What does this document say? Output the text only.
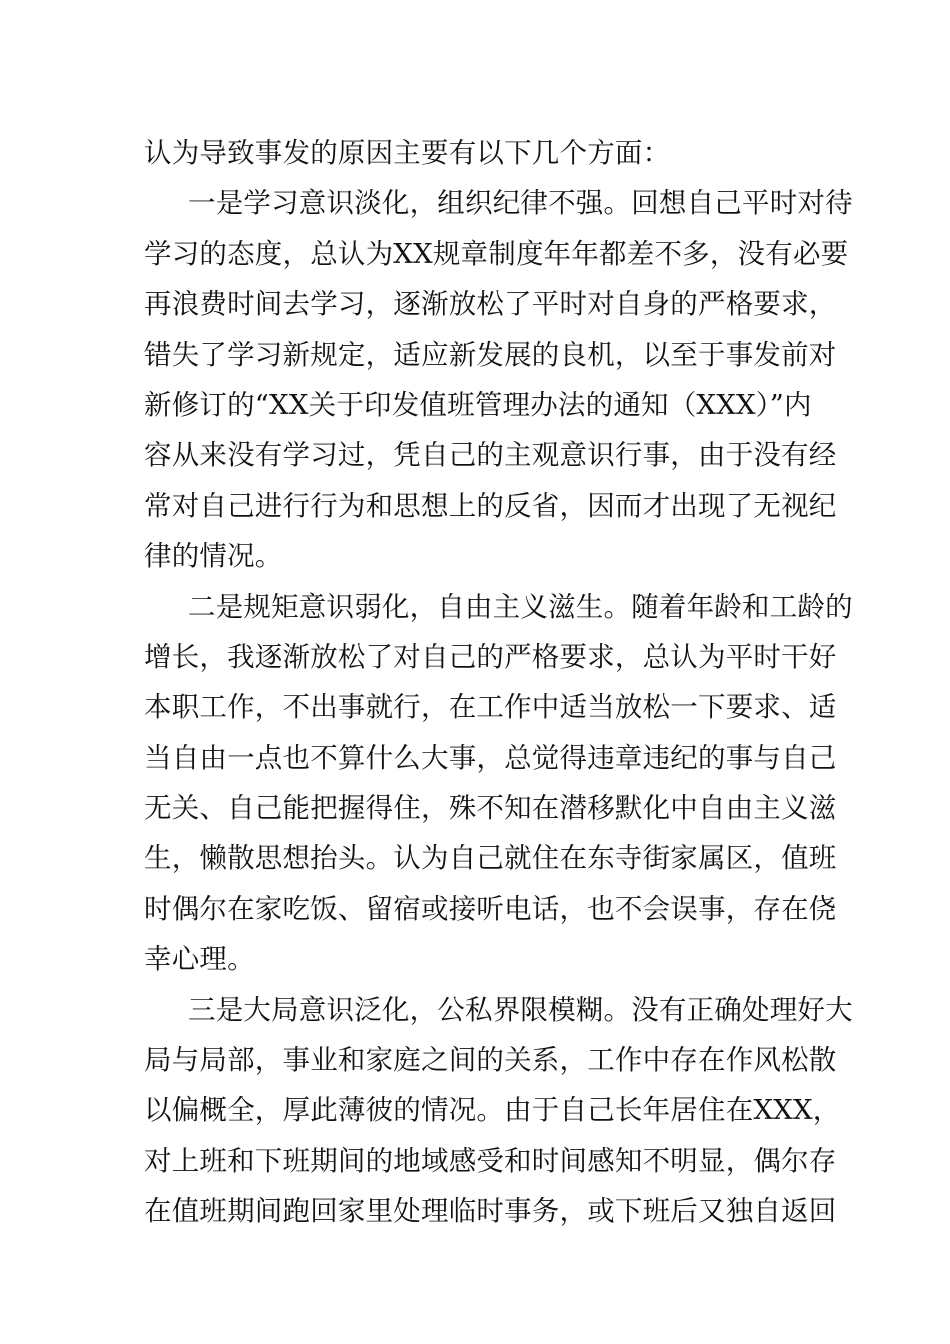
认为导致事发的原因主要有以下几个方面：
一是学习意识淡化，组织纪律不强。回想自己平时对待
学习的态度，总认为XX规章制度年年都差不多，没有必要
再浪费时间去学习，逐渐放松了平时对自身的严格要求，
错失了学习新规定，适应新发展的良机，以至于事发前对
新修订的“XX关于印发值班管理办法的通知（XXX）”内
容从来没有学习过，凭自己的主观意识行事，由于没有经
常对自己进行行为和思想上的反省，因而才出现了无视纪
律的情况。
二是规矩意识弱化，自由主义滋生。随着年龄和工龄的
增长，我逐渐放松了对自己的严格要求，总认为平时干好
本职工作，不出事就行，在工作中适当放松一下要求、适
当自由一点也不算什么大事，总觉得违章违纪的事与自己
无关、自己能把握得住，殊不知在潜移默化中自由主义滋
生，懒散思想抬头。认为自己就住在东寺街家属区，值班
时偶尔在家吃饭、留宿或接听电话，也不会误事，存在侥
幸心理。
三是大局意识泛化，公私界限模糊。没有正确处理好大
局与局部，事业和家庭之间的关系，工作中存在作风松散
以偏概全，厚此薄彼的情况。由于自己长年居住在XXX，
对上班和下班期间的地域感受和时间感知不明显，偶尔存
在值班期间跑回家里处理临时事务，或下班后又独自返回
